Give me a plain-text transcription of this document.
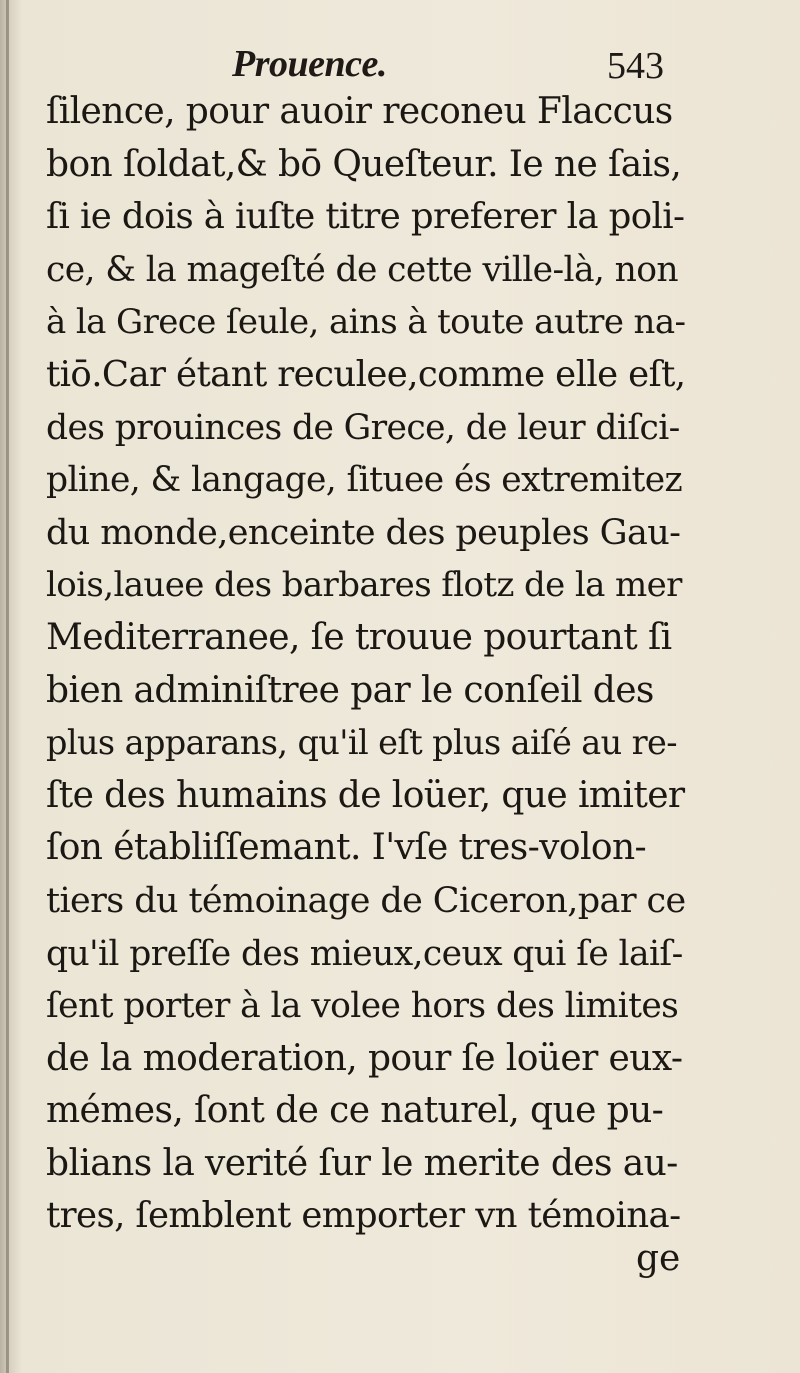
Prouence.	543
ſilence, pour auoir reconeu Flaccus
bon ſoldat,& bō Queſteur. Ie ne ſais,
ſi ie dois à iuſte titre preferer la poli-
ce, & la mageſté de cette ville-là, non
à la Grece ſeule, ains à toute autre na-
tiō.Car étant reculee,comme elle eſt,
des prouinces de Grece, de leur diſci-
pline, & langage, ſituee és extremitez
du monde,enceinte des peuples Gau-
lois,lauee des barbares flotz de la mer
Mediterranee, ſe trouue pourtant ſi
bien adminiſtree par le conſeil des
plus apparans, qu'il eſt plus aiſé au re-
ſte des humains de loüer, que imiter
ſon établiſſemant. I'vſe tres-volon-
tiers du témoinage de Ciceron,par ce
qu'il preſſe des mieux,ceux qui ſe laiſ-
ſent porter à la volee hors des limites
de la moderation, pour ſe loüer eux-
mémes, ſont de ce naturel, que pu-
blians la verité ſur le merite des au-
tres, ſemblent emporter vn témoina-
ge
